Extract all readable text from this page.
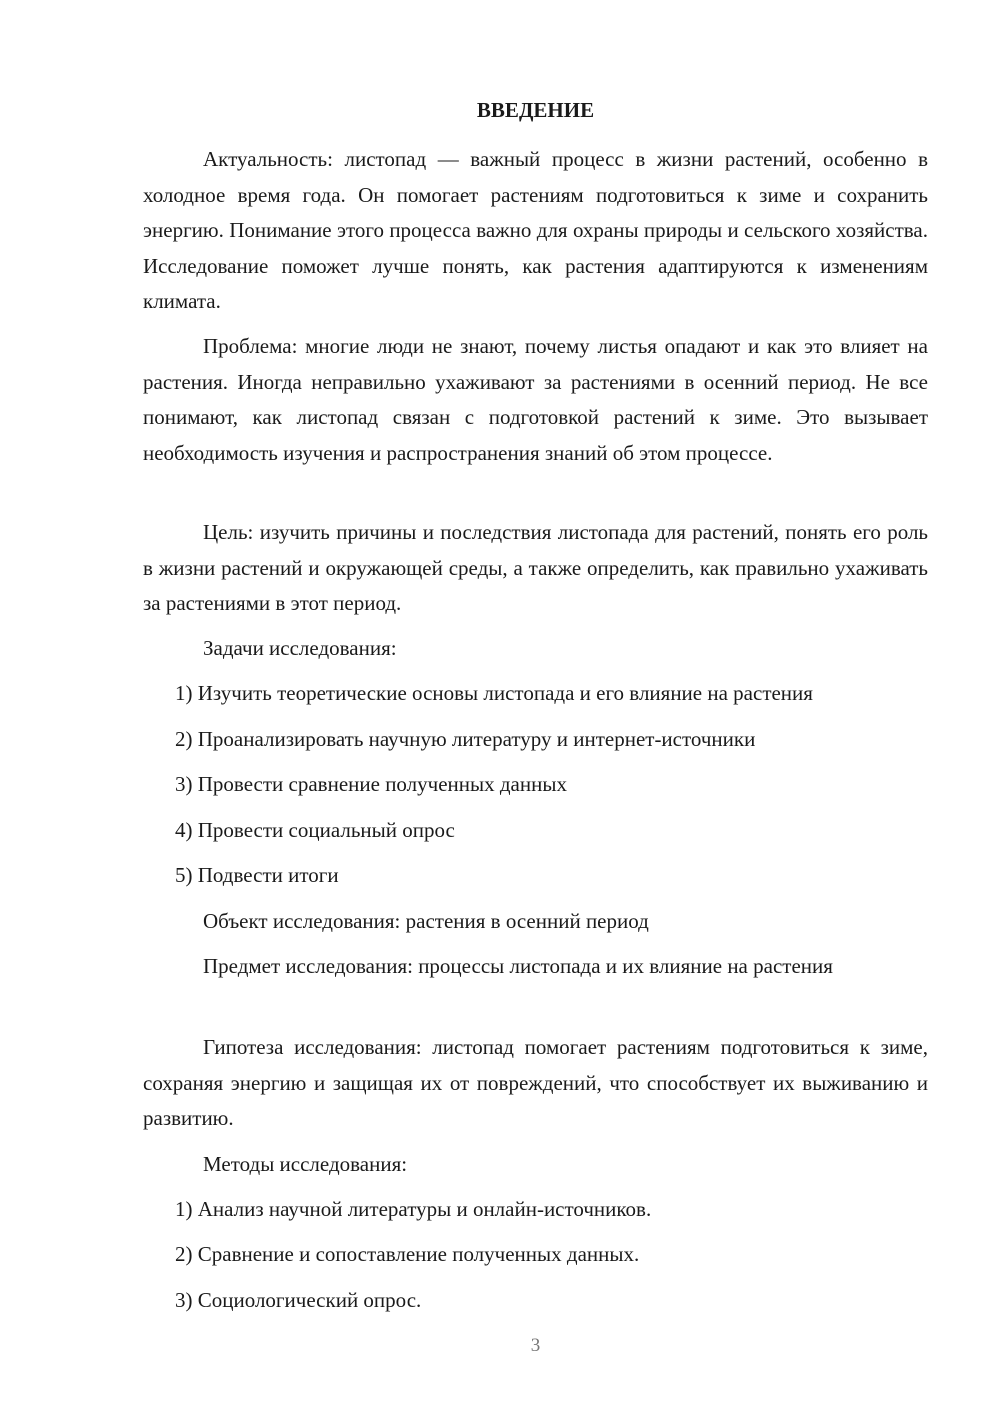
ВВЕДЕНИЕ

Актуальность: листопад — важный процесс в жизни растений, особенно в холодное время года. Он помогает растениям подготовиться к зиме и сохранить энергию. Понимание этого процесса важно для охраны природы и сельского хозяйства. Исследование поможет лучше понять, как растения адаптируются к изменениям климата.

Проблема: многие люди не знают, почему листья опадают и как это влияет на растения. Иногда неправильно ухаживают за растениями в осенний период. Не все понимают, как листопад связан с подготовкой растений к зиме. Это вызывает необходимость изучения и распространения знаний об этом процессе.

Цель: изучить причины и последствия листопада для растений, понять его роль в жизни растений и окружающей среды, а также определить, как правильно ухаживать за растениями в этот период.

Задачи исследования:
1) Изучить теоретические основы листопада и его влияние на растения
2) Проанализировать научную литературу и интернет-источники
3) Провести сравнение полученных данных
4) Провести социальный опрос
5) Подвести итоги
Объект исследования: растения в осенний период

Предмет исследования: процессы листопада и их влияние на растения

Гипотеза исследования: листопад помогает растениям подготовиться к зиме, сохраняя энергию и защищая их от повреждений, что способствует их выживанию и развитию.

Методы исследования:
1) Анализ научной литературы и онлайн-источников.
2) Сравнение и сопоставление полученных данных.
3) Социологический опрос.
3
